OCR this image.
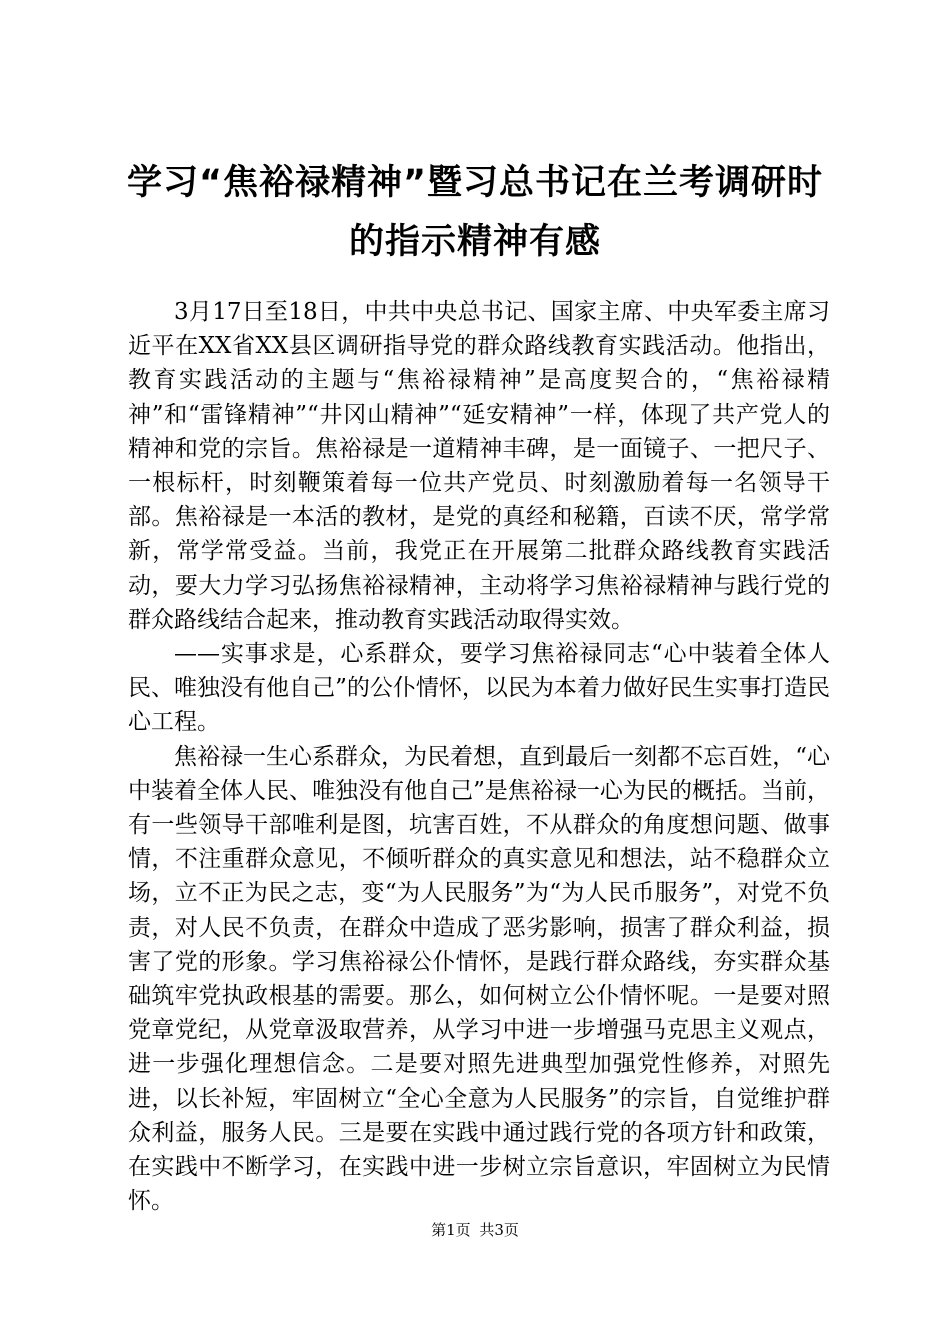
学习“焦裕禄精神”暨习总书记在兰考调研时
的指示精神有感

3月17日至18日，中共中央总书记、国家主席、中央军委主席习近平在XX省XX县区调研指导党的群众路线教育实践活动。他指出，教育实践活动的主题与“焦裕禄精神”是高度契合的，“焦裕禄精神”和“雷锋精神”“井冈山精神”“延安精神”一样，体现了共产党人的精神和党的宗旨。焦裕禄是一道精神丰碑，是一面镜子、一把尺子、一根标杆，时刻鞭策着每一位共产党员、时刻激励着每一名领导干部。焦裕禄是一本活的教材，是党的真经和秘籍，百读不厌，常学常新，常学常受益。当前，我党正在开展第二批群众路线教育实践活动，要大力学习弘扬焦裕禄精神，主动将学习焦裕禄精神与践行党的群众路线结合起来，推动教育实践活动取得实效。

——实事求是，心系群众，要学习焦裕禄同志“心中装着全体人民、唯独没有他自己”的公仆情怀，以民为本着力做好民生实事打造民心工程。

焦裕禄一生心系群众，为民着想，直到最后一刻都不忘百姓，“心中装着全体人民、唯独没有他自己”是焦裕禄一心为民的概括。当前，有一些领导干部唯利是图，坑害百姓，不从群众的角度想问题、做事情，不注重群众意见，不倾听群众的真实意见和想法，站不稳群众立场，立不正为民之志，变“为人民服务”为“为人民币服务”，对党不负责，对人民不负责，在群众中造成了恶劣影响，损害了群众利益，损害了党的形象。学习焦裕禄公仆情怀，是践行群众路线，夯实群众基础筑牢党执政根基的需要。那么，如何树立公仆情怀呢。一是要对照党章党纪，从党章汲取营养，从学习中进一步增强马克思主义观点，进一步强化理想信念。二是要对照先进典型加强党性修养，对照先进，以长补短，牢固树立“全心全意为人民服务”的宗旨，自觉维护群众利益，服务人民。三是要在实践中通过践行党的各项方针和政策，在实践中不断学习，在实践中进一步树立宗旨意识，牢固树立为民情怀。

第1页 共3页
